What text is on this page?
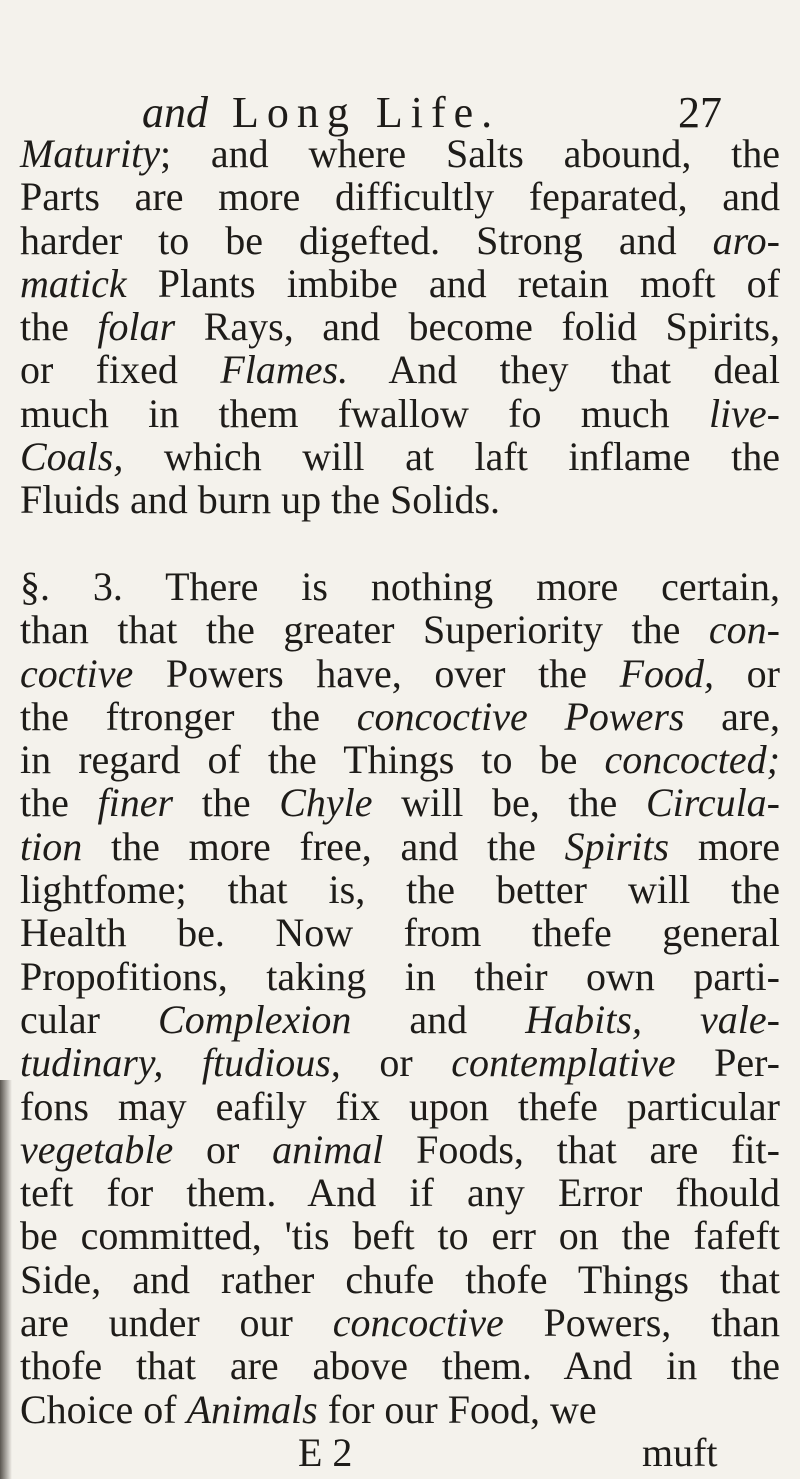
and Long Life.	27
Maturity; and where Salts abound, the
Parts are more difficultly feparated, and
harder to be digefted. Strong and aro-
matick Plants imbibe and retain moft of
the folar Rays, and become folid Spirits,
or fixed Flames. And they that deal
much in them fwallow fo much live-
Coals, which will at laft inflame the
Fluids and burn up the Solids.
§. 3. There is nothing more certain,
than that the greater Superiority the con-
coctive Powers have, over the Food, or
the ftronger the concoctive Powers are,
in regard of the Things to be concocted;
the finer the Chyle will be, the Circula-
tion the more free, and the Spirits more
lightfome; that is, the better will the
Health be. Now from thefe general
Propofitions, taking in their own parti-
cular Complexion and Habits, vale-
tudinary, ftudious, or contemplative Per-
fons may eafily fix upon thefe particular
vegetable or animal Foods, that are fit-
teft for them. And if any Error fhould
be committed, 'tis beft to err on the fafeft
Side, and rather chufe thofe Things that
are under our concoctive Powers, than
thofe that are above them. And in the
Choice of Animals for our Food, we
E 2	muft
